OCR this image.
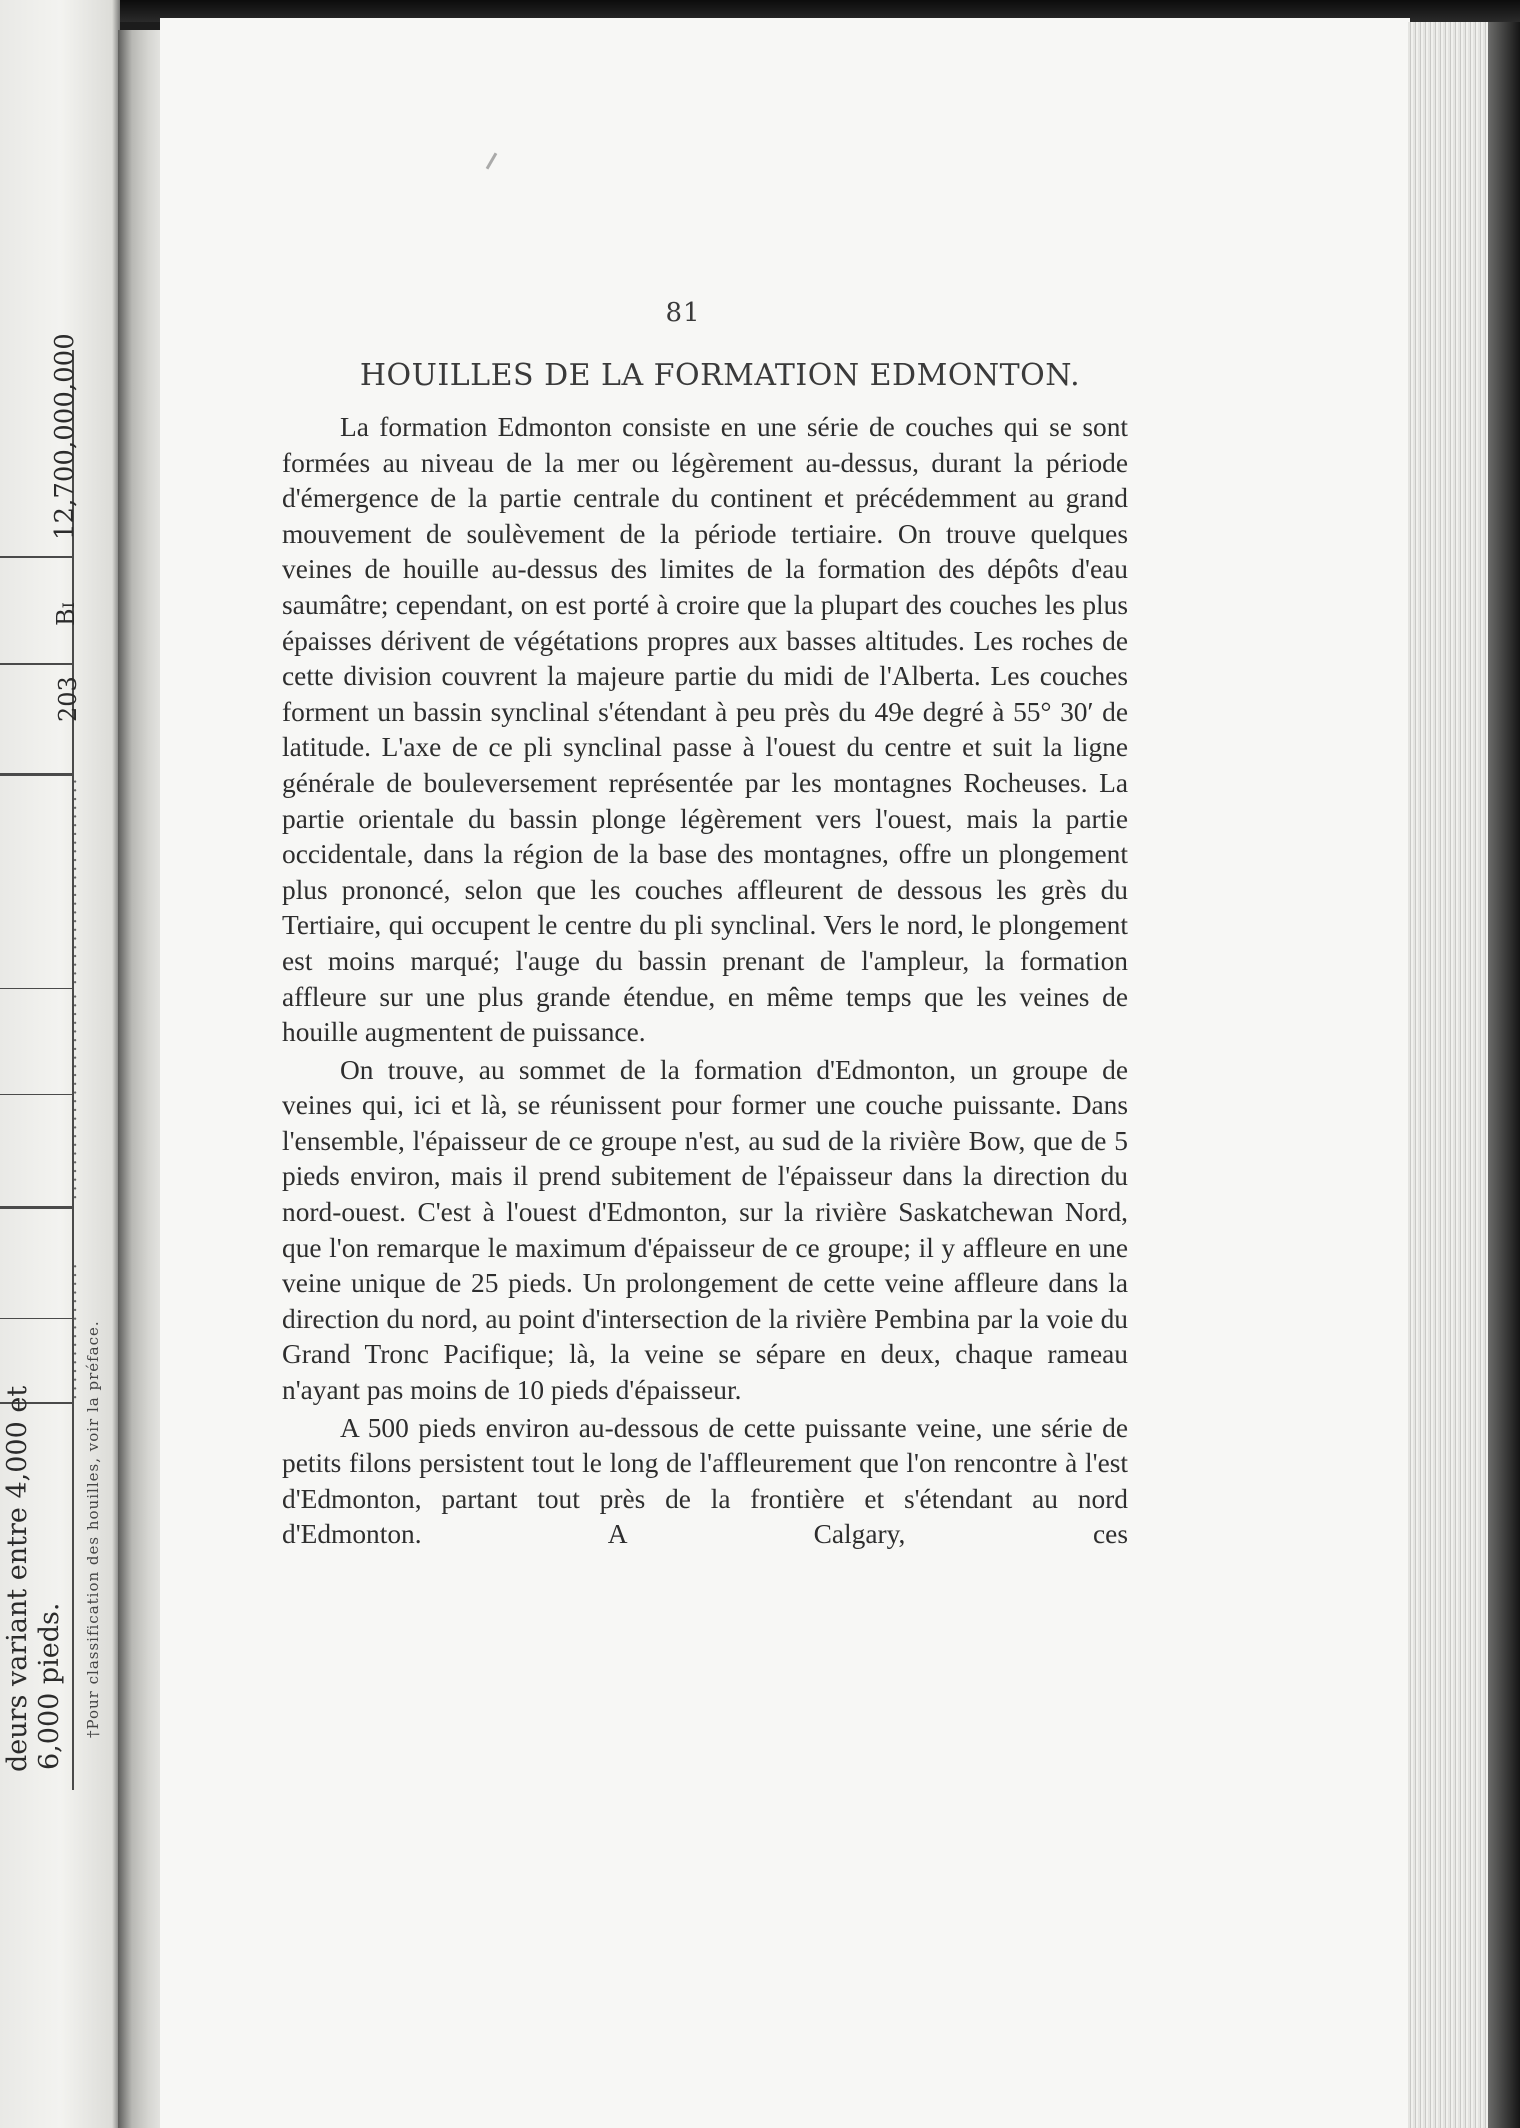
12,700,000,000
BI
203
........................
........................
................
deurs variant entre 4,000 et 6,000 pieds. †Pour classification des houilles, voir la préface.
81
HOUILLES DE LA FORMATION EDMONTON.

La formation Edmonton consiste en une série de couches qui se sont formées au niveau de la mer ou légèrement au-dessus, durant la période d'émergence de la partie centrale du continent et précédemment au grand mouvement de soulèvement de la période tertiaire. On trouve quelques veines de houille au-dessus des limites de la formation des dépôts d'eau saumâtre; cependant, on est porté à croire que la plupart des couches les plus épaisses dérivent de végétations propres aux basses altitudes. Les roches de cette division couvrent la majeure partie du midi de l'Alberta. Les couches forment un bassin synclinal s'étendant à peu près du 49e degré à 55° 30′ de latitude. L'axe de ce pli synclinal passe à l'ouest du centre et suit la ligne générale de bouleversement représentée par les montagnes Rocheuses. La partie orientale du bassin plonge légèrement vers l'ouest, mais la partie occidentale, dans la région de la base des montagnes, offre un plongement plus prononcé, selon que les couches affleurent de dessous les grès du Tertiaire, qui occupent le centre du pli synclinal. Vers le nord, le plongement est moins marqué; l'auge du bassin prenant de l'ampleur, la formation affleure sur une plus grande étendue, en même temps que les veines de houille augmentent de puissance.

On trouve, au sommet de la formation d'Edmonton, un groupe de veines qui, ici et là, se réunissent pour former une couche puissante. Dans l'ensemble, l'épaisseur de ce groupe n'est, au sud de la rivière Bow, que de 5 pieds environ, mais il prend subitement de l'épaisseur dans la direction du nord-ouest. C'est à l'ouest d'Edmonton, sur la rivière Saskatchewan Nord, que l'on remarque le maximum d'épaisseur de ce groupe; il y affleure en une veine unique de 25 pieds. Un prolongement de cette veine affleure dans la direction du nord, au point d'intersection de la rivière Pembina par la voie du Grand Tronc Pacifique; là, la veine se sépare en deux, chaque rameau n'ayant pas moins de 10 pieds d'épaisseur.

A 500 pieds environ au-dessous de cette puissante veine, une série de petits filons persistent tout le long de l'affleurement que l'on rencontre à l'est d'Edmonton, partant tout près de la frontière et s'étendant au nord d'Edmonton. A Calgary, ces
